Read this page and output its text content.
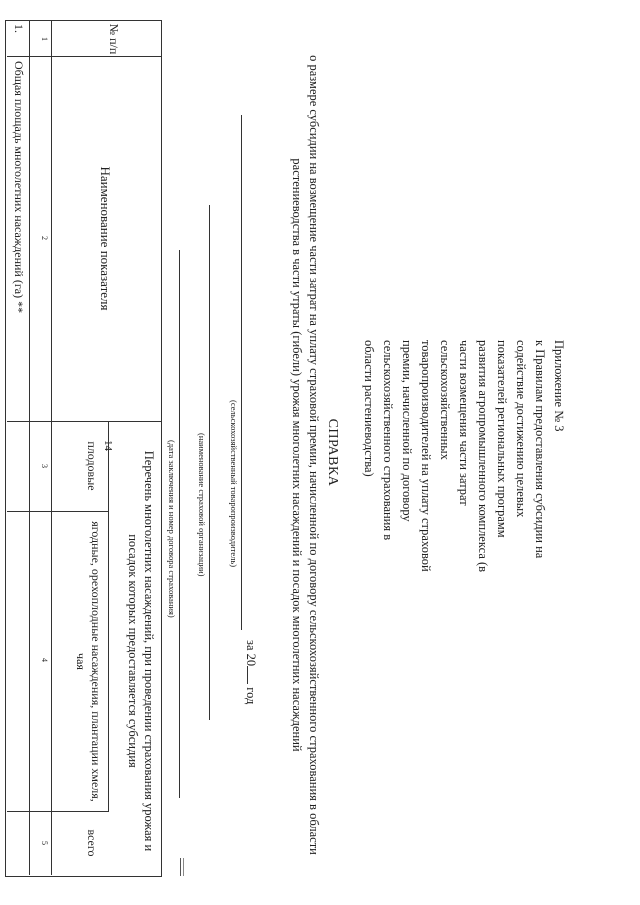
14
Приложение № 3
к Правилам предоставления субсидии на
содействие достижению целевых
показателей региональных программ
развития агропромышленного комплекса (в
части возмещения части затрат
сельскохозяйственных
товаропроизводителей на уплату страховой
премии, начисленной по договору
сельскохозяйственного страхования в
области растениеводства)
СПРАВКА
о размере субсидии на возмещение части затрат на уплату страховой премии, начисленной по договору сельскохозяйственного страхования в области растениеводства в части утраты (гибели) урожая многолетних насаждений и посадок многолетних насаждений
за 20 год
(сельскохозяйственный товаропроизводитель)
(наименование страховой организации)
(дата заключения и номер договора страхования)
№ п/п
Наименование показателя
Перечень многолетних насаждений, при проведении страхования урожая и посадок которых предоставляется субсидия
плодовые
ягодные, орехоплодные насаждения, плантации хмеля, чая
всего
1
2
3
4
5
1.
Общая площадь многолетних насаждений (га) **
